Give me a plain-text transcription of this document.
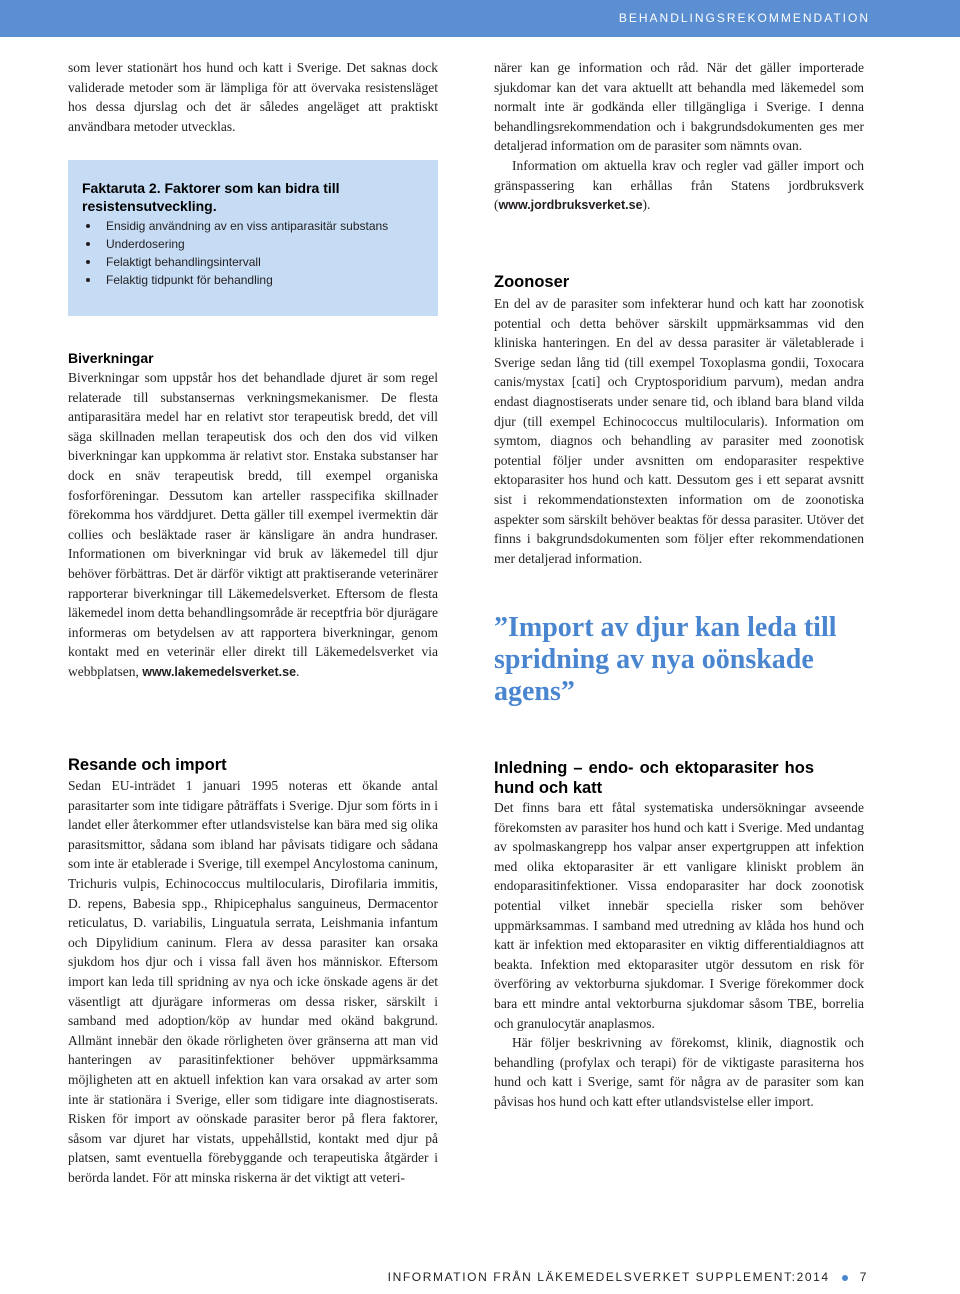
BEHANDLINGSREKOMMENDATION

som lever stationärt hos hund och katt i Sverige. Det saknas dock validerade metoder som är lämpliga för att övervaka resistensläget hos dessa djurslag och det är således angeläget att praktiskt användbara metoder utvecklas.

Faktaruta 2. Faktorer som kan bidra till resistensutveckling.
Ensidig användning av en viss antiparasitär substans
Underdosering
Felaktigt behandlingsintervall
Felaktig tidpunkt för behandling
Biverkningar

Biverkningar som uppstår hos det behandlade djuret är som regel relaterade till substansernas verkningsmekanismer. De flesta antiparasitära medel har en relativt stor terapeutisk bredd, det vill säga skillnaden mellan terapeutisk dos och den dos vid vilken biverkningar kan uppkomma är relativt stor. Enstaka substanser har dock en snäv terapeutisk bredd, till exempel organiska fosforföreningar. Dessutom kan arteller rasspecifika skillnader förekomma hos värddjuret. Detta gäller till exempel ivermektin där collies och besläktade raser är känsligare än andra hundraser. Informationen om biverkningar vid bruk av läkemedel till djur behöver förbättras. Det är därför viktigt att praktiserande veterinärer rapporterar biverkningar till Läkemedelsverket. Eftersom de flesta läkemedel inom detta behandlingsområde är receptfria bör djurägare informeras om betydelsen av att rapportera biverkningar, genom kontakt med en veterinär eller direkt till Läkemedelsverket via webbplatsen, www.lakemedelsverket.se.

Resande och import

Sedan EU-inträdet 1 januari 1995 noteras ett ökande antal parasitarter som inte tidigare påträffats i Sverige. Djur som förts in i landet eller återkommer efter utlandsvistelse kan bära med sig olika parasitsmittor, sådana som ibland har påvisats tidigare och sådana som inte är etablerade i Sverige, till exempel Ancylostoma caninum, Trichuris vulpis, Echinococcus multilocularis, Dirofilaria immitis, D. repens, Babesia spp., Rhipicephalus sanguineus, Dermacentor reticulatus, D. variabilis, Linguatula serrata, Leishmania infantum och Dipylidium caninum. Flera av dessa parasiter kan orsaka sjukdom hos djur och i vissa fall även hos människor. Eftersom import kan leda till spridning av nya och icke önskade agens är det väsentligt att djurägare informeras om dessa risker, särskilt i samband med adoption/köp av hundar med okänd bakgrund. Allmänt innebär den ökade rörligheten över gränserna att man vid hanteringen av parasitinfektioner behöver uppmärksamma möjligheten att en aktuell infektion kan vara orsakad av arter som inte är stationära i Sverige, eller som tidigare inte diagnostiserats. Risken för import av oönskade parasiter beror på flera faktorer, såsom var djuret har vistats, uppehållstid, kontakt med djur på platsen, samt eventuella förebyggande och terapeutiska åtgärder i berörda landet. För att minska riskerna är det viktigt att veteri-

närer kan ge information och råd. När det gäller importerade sjukdomar kan det vara aktuellt att behandla med läkemedel som normalt inte är godkända eller tillgängliga i Sverige. I denna behandlingsrekommendation och i bakgrundsdokumenten ges mer detaljerad information om de parasiter som nämnts ovan.

Information om aktuella krav och regler vad gäller import och gränspassering kan erhållas från Statens jordbruksverk (www.jordbruksverket.se).

Zoonoser

En del av de parasiter som infekterar hund och katt har zoonotisk potential och detta behöver särskilt uppmärksammas vid den kliniska hanteringen. En del av dessa parasiter är väletablerade i Sverige sedan lång tid (till exempel Toxoplasma gondii, Toxocara canis/mystax [cati] och Cryptosporidium parvum), medan andra endast diagnostiserats under senare tid, och ibland bara bland vilda djur (till exempel Echinococcus multilocularis). Information om symtom, diagnos och behandling av parasiter med zoonotisk potential följer under avsnitten om endoparasiter respektive ektoparasiter hos hund och katt. Dessutom ges i ett separat avsnitt sist i rekommendationstexten information om de zoonotiska aspekter som särskilt behöver beaktas för dessa parasiter. Utöver det finns i bakgrundsdokumenten som följer efter rekommendationen mer detaljerad information.

”Import av djur kan leda till spridning av nya oönskade agens”
Inledning – endo- och ektoparasiter hos hund och katt

Det finns bara ett fåtal systematiska undersökningar avseende förekomsten av parasiter hos hund och katt i Sverige. Med undantag av spolmaskangrepp hos valpar anser expertgruppen att infektion med olika ektoparasiter är ett vanligare kliniskt problem än endoparasitinfektioner. Vissa endoparasiter har dock zoonotisk potential vilket innebär speciella risker som behöver uppmärksammas. I samband med utredning av klåda hos hund och katt är infektion med ektoparasiter en viktig differentialdiagnos att beakta. Infektion med ektoparasiter utgör dessutom en risk för överföring av vektorburna sjukdomar. I Sverige förekommer dock bara ett mindre antal vektorburna sjukdomar såsom TBE, borrelia och granulocytär anaplasmos.

Här följer beskrivning av förekomst, klinik, diagnostik och behandling (profylax och terapi) för de viktigaste parasiterna hos hund och katt i Sverige, samt för några av de parasiter som kan påvisas hos hund och katt efter utlandsvistelse eller import.

INFORMATION FRÅN LÄKEMEDELSVERKET SUPPLEMENT:2014	7
